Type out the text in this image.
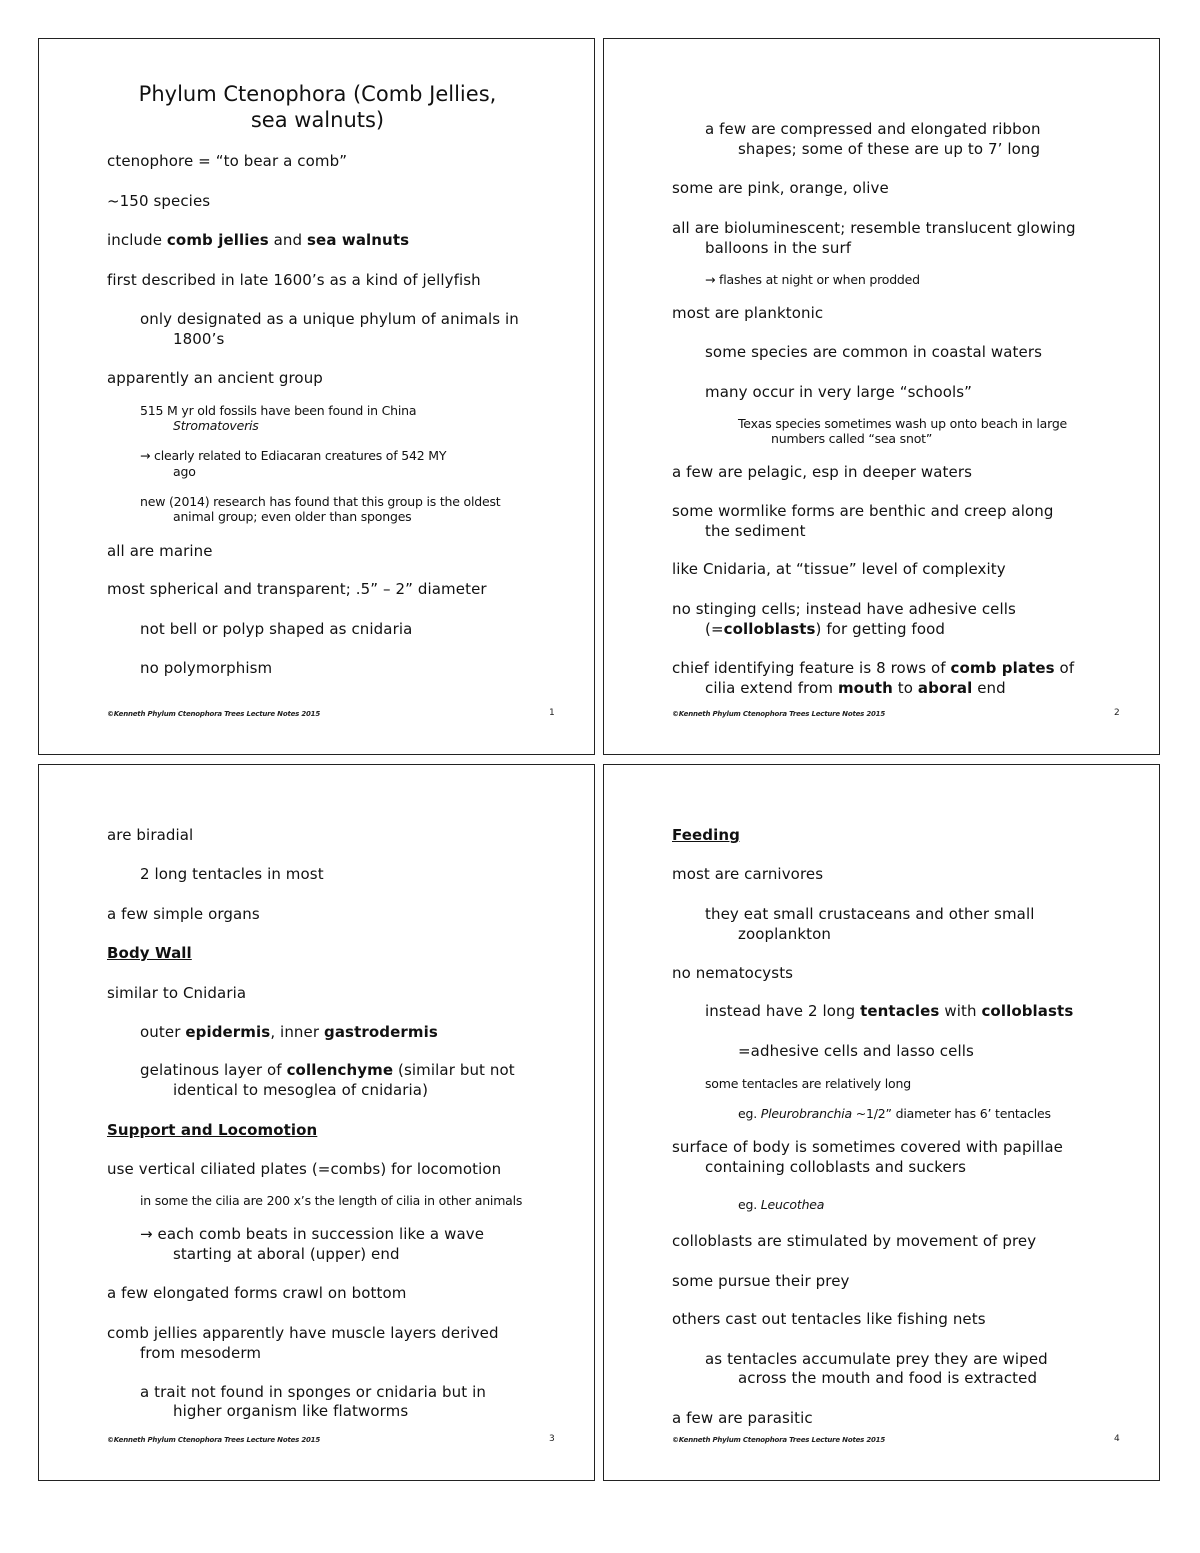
Phylum Ctenophora (Comb Jellies,
sea walnuts)
ctenophore = “to bear a comb”
~150 species
include comb jellies and sea walnuts
first described in late 1600’s as a kind of jellyfish
only designated as a unique phylum of animals in
1800’s
apparently an ancient group
515 M yr old fossils have been found in China
Stromatoveris
→ clearly related to Ediacaran creatures of 542 MY
ago
new (2014) research has found that this group is the oldest
animal group; even older than sponges
all are marine
most spherical and transparent; .5” – 2” diameter
not bell or polyp shaped as cnidaria
no polymorphism
©Kenneth Phylum Ctenophora Trees Lecture Notes 2015	1
a few are compressed and elongated ribbon
shapes; some of these are up to 7’ long
some are pink, orange, olive
all are bioluminescent; resemble translucent glowing
balloons in the surf
→ flashes at night or when prodded
most are planktonic
some species are common in coastal waters
many occur in very large “schools”
Texas species sometimes wash up onto beach in large
numbers called “sea snot”
a few are pelagic, esp in deeper waters
some wormlike forms are benthic and creep along
the sediment
like Cnidaria, at “tissue” level of complexity
no stinging cells; instead have adhesive cells
(=colloblasts) for getting food
chief identifying feature is 8 rows of comb plates of
cilia extend from mouth to aboral end
©Kenneth Phylum Ctenophora Trees Lecture Notes 2015	2
are biradial
2 long tentacles in most
a few simple organs
Body Wall
similar to Cnidaria
outer epidermis, inner gastrodermis
gelatinous layer of collenchyme (similar but not
identical to mesoglea of cnidaria)
Support and Locomotion
use vertical ciliated plates (=combs) for locomotion
in some the cilia are 200 x’s the length of cilia in other animals
→ each comb beats in succession like a wave
starting at aboral (upper) end
a few elongated forms crawl on bottom
comb jellies apparently have muscle layers derived
from mesoderm
a trait not found in sponges or cnidaria but in
higher organism like flatworms
©Kenneth Phylum Ctenophora Trees Lecture Notes 2015	3
Feeding
most are carnivores
they eat small crustaceans and other small
zooplankton
no nematocysts
instead have 2 long tentacles with colloblasts
=adhesive cells and lasso cells
some tentacles are relatively long
eg. Pleurobranchia ~1/2” diameter has 6’ tentacles
surface of body is sometimes covered with papillae
containing colloblasts and suckers
eg. Leucothea
colloblasts are stimulated by movement of prey
some pursue their prey
others cast out tentacles like fishing nets
as tentacles accumulate prey they are wiped
across the mouth and food is extracted
a few are parasitic
©Kenneth Phylum Ctenophora Trees Lecture Notes 2015	4
